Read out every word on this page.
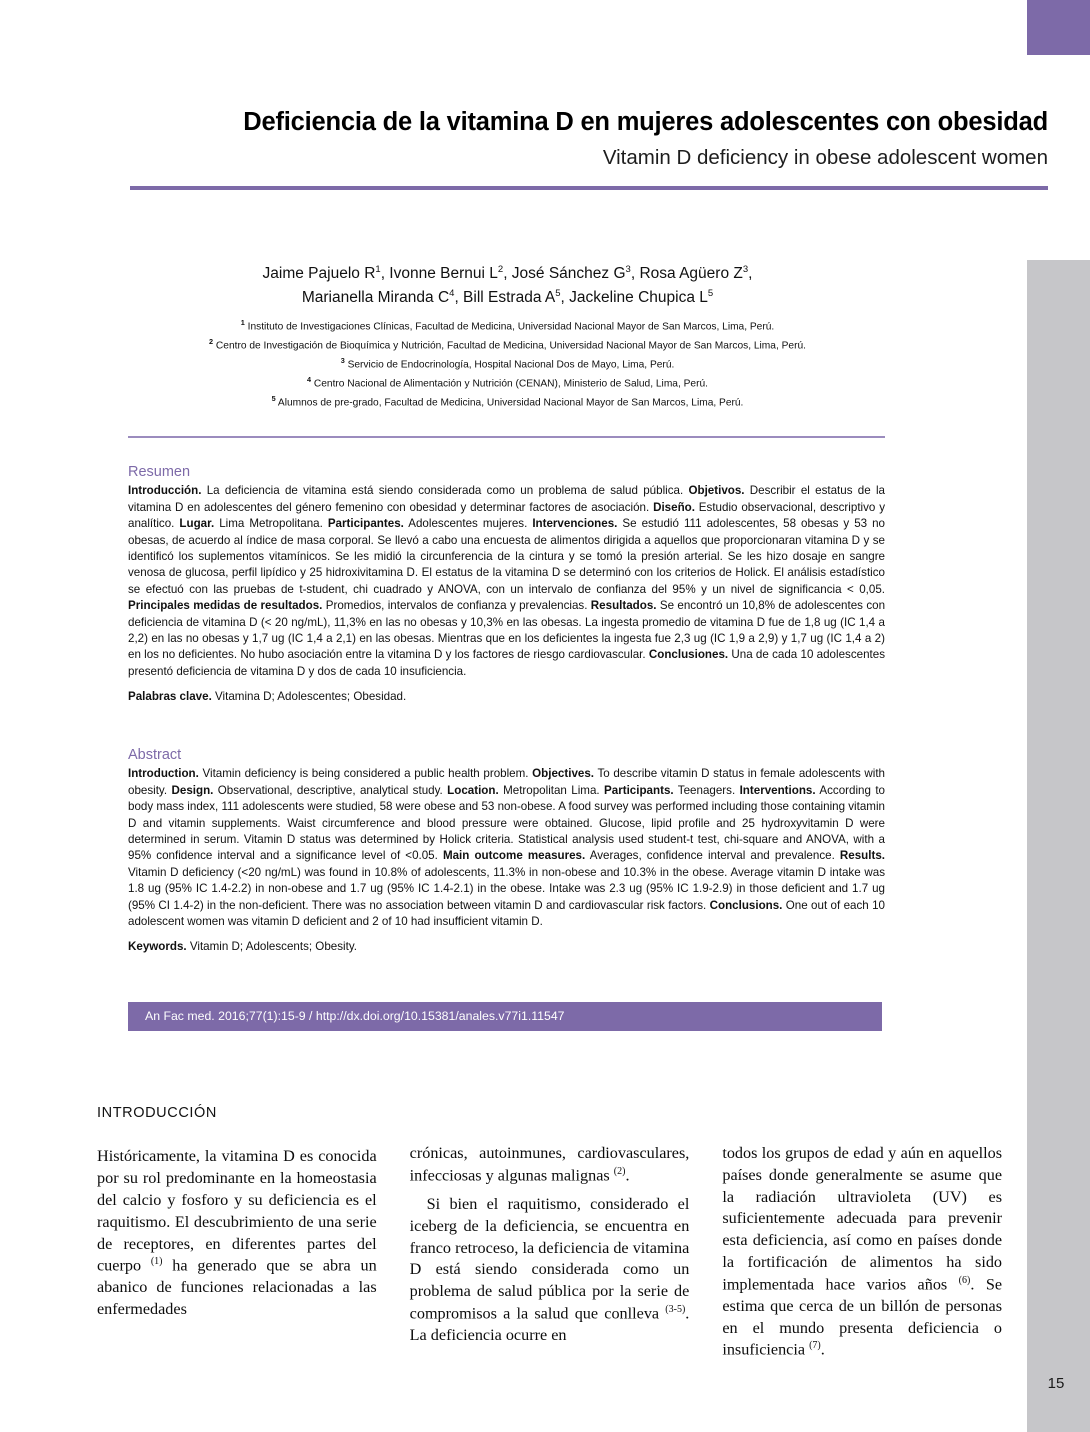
15
Deficiencia de la vitamina D en mujeres adolescentes con obesidad
Vitamin D deficiency in obese adolescent women
Jaime Pajuelo $R^1$, Ivonne Bernui $L^2$, José Sánchez $G^3$, Rosa Agüero $Z^3$,
Marianella Miranda $C^4$, Bill Estrada $A^5$, Jackeline Chupica $L^5$
$^1$ Instituto de Investigaciones Clínicas, Facultad de Medicina, Universidad Nacional Mayor de San Marcos, Lima, Perú.
$^2$ Centro de Investigación de Bioquímica y Nutrición, Facultad de Medicina, Universidad Nacional Mayor de San Marcos, Lima, Perú.
$^3$ Servicio de Endocrinología, Hospital Nacional Dos de Mayo, Lima, Perú.
$^4$ Centro Nacional de Alimentación y Nutrición (CENAN), Ministerio de Salud, Lima, Perú.
$^5$ Alumnos de pre-grado, Facultad de Medicina, Universidad Nacional Mayor de San Marcos, Lima, Perú.
Resumen
Introducción. La deficiencia de vitamina está siendo considerada como un problema de salud pública. Objetivos. Describir el estatus de la vitamina D en adolescentes del género femenino con obesidad y determinar factores de asociación. Diseño. Estudio observacional, descriptivo y analítico. Lugar. Lima Metropolitana. Participantes. Adolescentes mujeres. Intervenciones. Se estudió 111 adolescentes, 58 obesas y 53 no obesas, de acuerdo al índice de masa corporal. Se llevó a cabo una encuesta de alimentos dirigida a aquellos que proporcionaran vitamina D y se identificó los suplementos vitamínicos. Se les midió la circunferencia de la cintura y se tomó la presión arterial. Se les hizo dosaje en sangre venosa de glucosa, perfil lipídico y 25 hidroxivitamina D. El estatus de la vitamina D se determinó con los criterios de Holick. El análisis estadístico se efectuó con las pruebas de t-student, chi cuadrado y ANOVA, con un intervalo de confianza del 95% y un nivel de significancia < 0,05. Principales medidas de resultados. Promedios, intervalos de confianza y prevalencias. Resultados. Se encontró un 10,8% de adolescentes con deficiencia de vitamina D (< 20 ng/mL), 11,3% en las no obesas y 10,3% en las obesas. La ingesta promedio de vitamina D fue de 1,8 ug (IC 1,4 a 2,2) en las no obesas y 1,7 ug (IC 1,4 a 2,1) en las obesas. Mientras que en los deficientes la ingesta fue 2,3 ug (IC 1,9 a 2,9) y 1,7 ug (IC 1,4 a 2) en los no deficientes. No hubo asociación entre la vitamina D y los factores de riesgo cardiovascular. Conclusiones. Una de cada 10 adolescentes presentó deficiencia de vitamina D y dos de cada 10 insuficiencia.
Palabras clave. Vitamina D; Adolescentes; Obesidad.
Abstract
Introduction. Vitamin deficiency is being considered a public health problem. Objectives. To describe vitamin D status in female adolescents with obesity. Design. Observational, descriptive, analytical study. Location. Metropolitan Lima. Participants. Teenagers. Interventions. According to body mass index, 111 adolescents were studied, 58 were obese and 53 non-obese. A food survey was performed including those containing vitamin D and vitamin supplements. Waist circumference and blood pressure were obtained. Glucose, lipid profile and 25 hydroxyvitamin D were determined in serum. Vitamin D status was determined by Holick criteria. Statistical analysis used student-t test, chi-square and ANOVA, with a 95% confidence interval and a significance level of <0.05. Main outcome measures. Averages, confidence interval and prevalence. Results. Vitamin D deficiency (<20 ng/mL) was found in 10.8% of adolescents, 11.3% in non-obese and 10.3% in the obese. Average vitamin D intake was 1.8 ug (95% IC 1.4-2.2) in non-obese and 1.7 ug (95% IC 1.4-2.1) in the obese. Intake was 2.3 ug (95% IC 1.9-2.9) in those deficient and 1.7 ug (95% CI 1.4-2) in the non-deficient. There was no association between vitamin D and cardiovascular risk factors. Conclusions. One out of each 10 adolescent women was vitamin D deficient and 2 of 10 had insufficient vitamin D.
Keywords. Vitamin D; Adolescents; Obesity.
An Fac med. 2016;77(1):15-9 / http://dx.doi.org/10.15381/anales.v77i1.11547
INTRODUCCIÓN

Históricamente, la vitamina D es conocida por su rol predominante en la homeostasia del calcio y fosforo y su deficiencia es el raquitismo. El descubrimiento de una serie de receptores, en diferentes partes del cuerpo $^{(1)}$ ha generado que se abra un abanico de funciones relacionadas a las enfermedades

crónicas, autoinmunes, cardiovasculares, infecciosas y algunas malignas $^{(2)}$.

Si bien el raquitismo, considerado el iceberg de la deficiencia, se encuentra en franco retroceso, la deficiencia de vitamina D está siendo considerada como un problema de salud pública por la serie de compromisos a la salud que conlleva $^{(3-5)}$. La deficiencia ocurre en

todos los grupos de edad y aún en aquellos países donde generalmente se asume que la radiación ultravioleta (UV) es suficientemente adecuada para prevenir esta deficiencia, así como en países donde la fortificación de alimentos ha sido implementada hace varios años $^{(6)}$. Se estima que cerca de un billón de personas en el mundo presenta deficiencia o insuficiencia $^{(7)}$.
